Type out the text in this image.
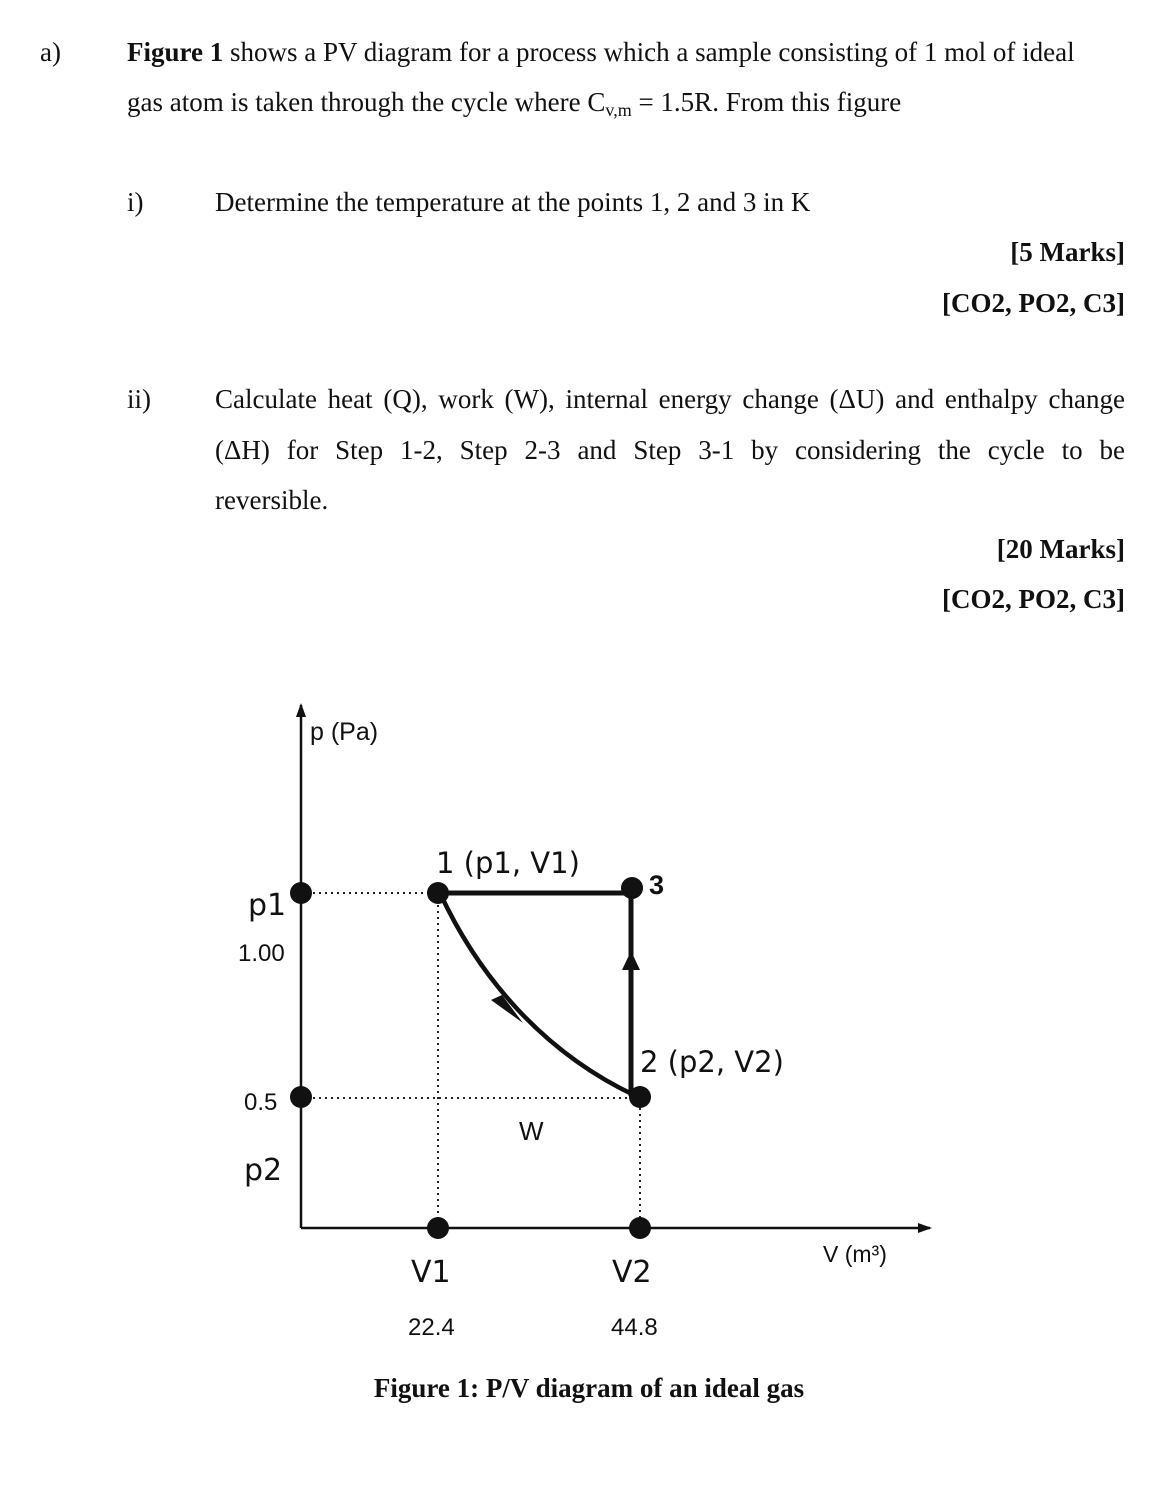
a) Figure 1 shows a PV diagram for a process which a sample consisting of 1 mol of ideal
gas atom is taken through the cycle where $C_{v,m} = 1.5R$. From this figure
i)	Determine the temperature at the points 1, 2 and 3 in K
[5 Marks]
[CO2, PO2, C3]
ii) Calculate heat (Q), work (W), internal energy change (ΔU) and enthalpy change
(ΔH) for Step 1-2, Step 2-3 and Step 3-1 by considering the cycle to be
reversible.
[20 Marks]
[CO2, PO2, C3]
p (Pa)
V (m³)
p1
1.00
0.5
p2
V1
22.4
V2
44.8
1 (p1, V1)
3
2 (p2, V2)
W
Figure 1: P/V diagram of an ideal gas
